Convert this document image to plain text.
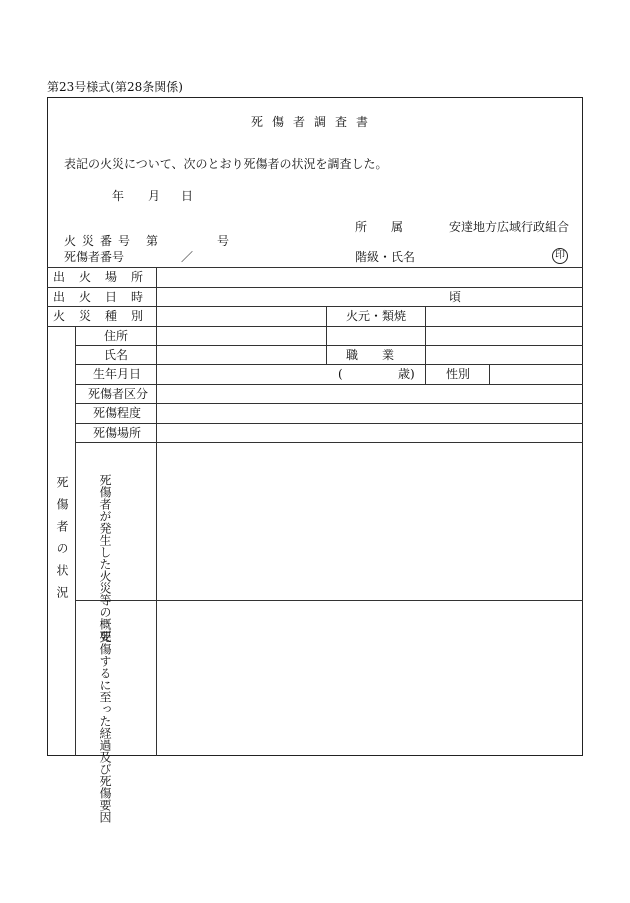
第23号様式(第28条関係)
死傷者調査書
表記の火災について、次のとおり死傷者の状況を調査した。
年 月 日
所　　属	安達地方広域行政組合
火災番号 第	号
死傷者番号	／	階級・氏名	印
出火場所
出火日時	頃
火災種別	火元・類焼
死傷者の状況
住所
氏名	職　　業
生年月日	(	歳)	性別
死傷者区分
死傷程度
死傷場所
死傷者が発生した火災等の概要
死傷するに至った経過及び死傷要因
